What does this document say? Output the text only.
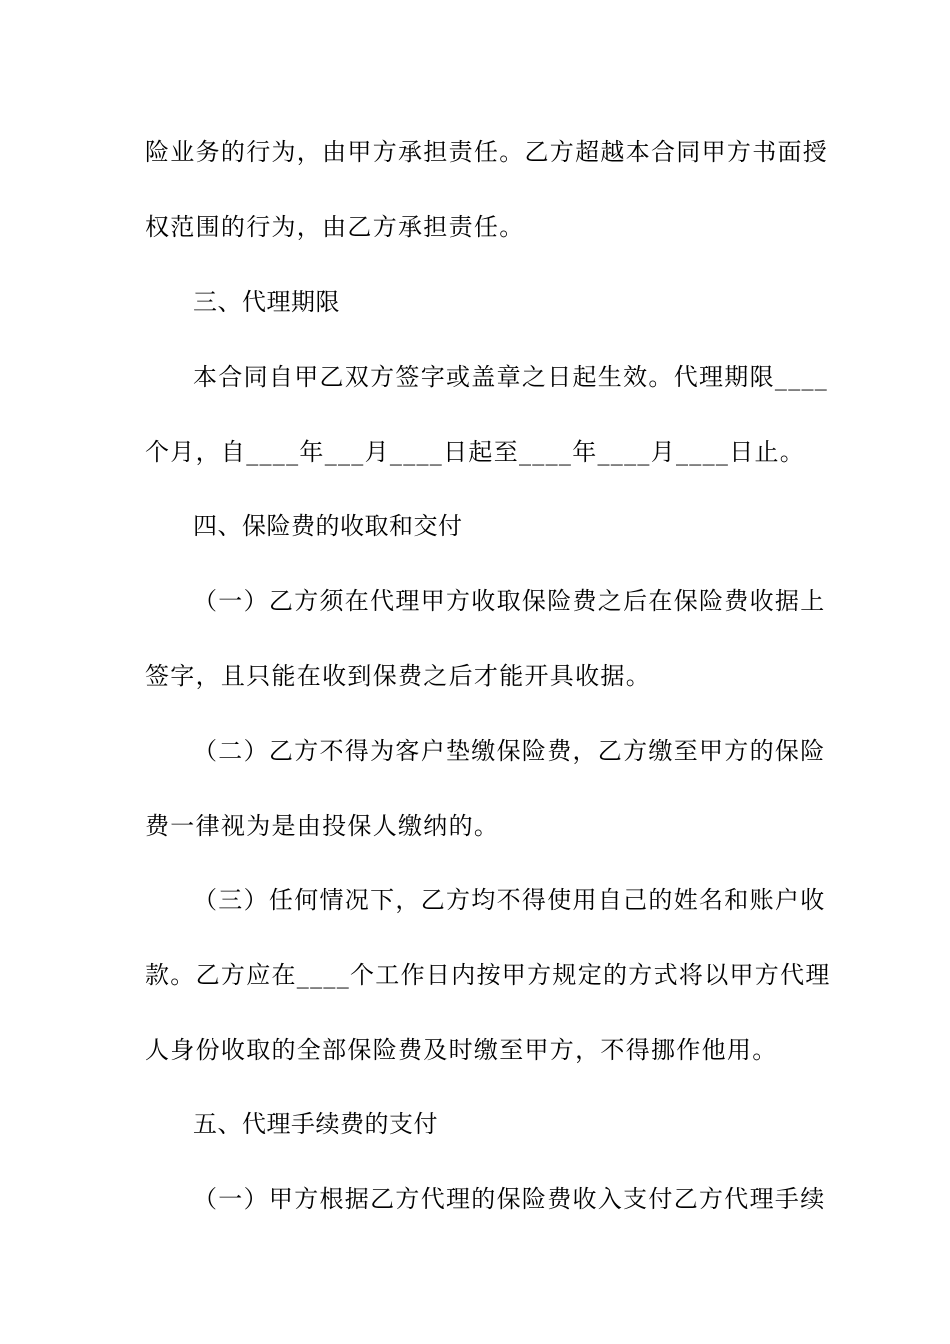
险业务的行为，由甲方承担责任。乙方超越本合同甲方书面授
权范围的行为，由乙方承担责任。
三、代理期限
本合同自甲乙双方签字或盖章之日起生效。代理期限____
个月，自____年___月____日起至____年____月____日止。
四、保险费的收取和交付
（一）乙方须在代理甲方收取保险费之后在保险费收据上
签字，且只能在收到保费之后才能开具收据。
（二）乙方不得为客户垫缴保险费，乙方缴至甲方的保险
费一律视为是由投保人缴纳的。
（三）任何情况下，乙方均不得使用自己的姓名和账户收
款。乙方应在____个工作日内按甲方规定的方式将以甲方代理
人身份收取的全部保险费及时缴至甲方，不得挪作他用。
五、代理手续费的支付
（一）甲方根据乙方代理的保险费收入支付乙方代理手续
